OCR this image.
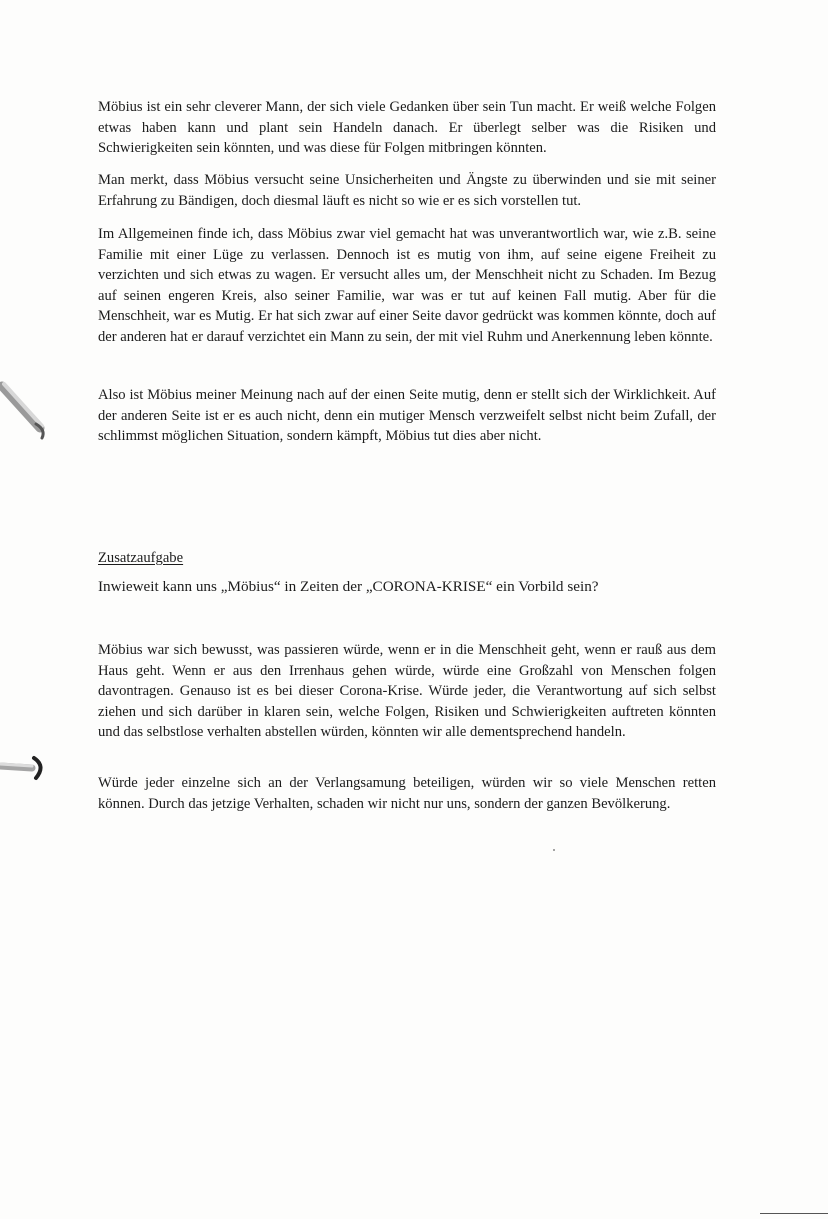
Möbius ist ein sehr cleverer Mann, der sich viele Gedanken über sein Tun macht. Er weiß welche Folgen etwas haben kann und plant sein Handeln danach. Er überlegt selber was die Risiken und Schwierigkeiten sein könnten, und was diese für Folgen mitbringen könnten.

Man merkt, dass Möbius versucht seine Unsicherheiten und Ängste zu überwinden und sie mit seiner Erfahrung zu Bändigen, doch diesmal läuft es nicht so wie er es sich vorstellen tut.

Im Allgemeinen finde ich, dass Möbius zwar viel gemacht hat was unverantwortlich war, wie z.B. seine Familie mit einer Lüge zu verlassen. Dennoch ist es mutig von ihm, auf seine eigene Freiheit zu verzichten und sich etwas zu wagen. Er versucht alles um, der Menschheit nicht zu Schaden. Im Bezug auf seinen engeren Kreis, also seiner Familie, war was er tut auf keinen Fall mutig. Aber für die Menschheit, war es Mutig. Er hat sich zwar auf einer Seite davor gedrückt was kommen könnte, doch auf der anderen hat er darauf verzichtet ein Mann zu sein, der mit viel Ruhm und Anerkennung leben könnte.

Also ist Möbius meiner Meinung nach auf der einen Seite mutig, denn er stellt sich der Wirklichkeit. Auf der anderen Seite ist er es auch nicht, denn ein mutiger Mensch verzweifelt selbst nicht beim Zufall, der schlimmst möglichen Situation, sondern kämpft, Möbius tut dies aber nicht.

Zusatzaufgabe

Inwieweit kann uns „Möbius“ in Zeiten der „CORONA-KRISE“ ein Vorbild sein?

Möbius war sich bewusst, was passieren würde, wenn er in die Menschheit geht, wenn er rauß aus dem Haus geht. Wenn er aus den Irrenhaus gehen würde, würde eine Großzahl von Menschen folgen davontragen. Genauso ist es bei dieser Corona-Krise. Würde jeder, die Verantwortung auf sich selbst ziehen und sich darüber in klaren sein, welche Folgen, Risiken und Schwierigkeiten auftreten könnten und das selbstlose verhalten abstellen würden, könnten wir alle dementsprechend handeln.

Würde jeder einzelne sich an der Verlangsamung beteiligen, würden wir so viele Menschen retten können. Durch das jetzige Verhalten, schaden wir nicht nur uns, sondern der ganzen Bevölkerung.
